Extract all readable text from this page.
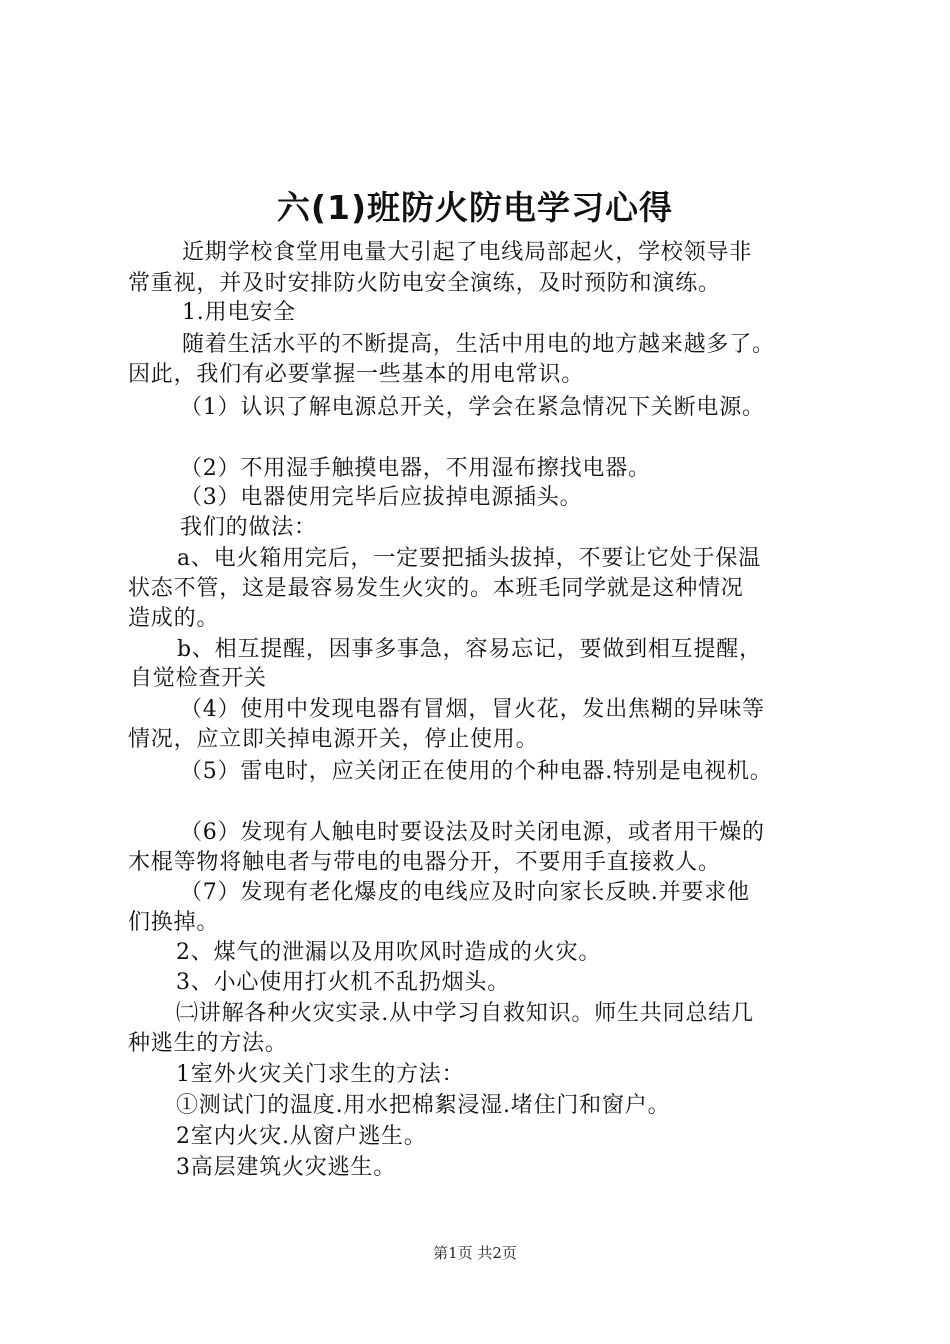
六(1)班防火防电学习心得
近期学校食堂用电量大引起了电线局部起火，学校领导非
常重视，并及时安排防火防电安全演练，及时预防和演练。
1.用电安全
随着生活水平的不断提高，生活中用电的地方越来越多了。
因此，我们有必要掌握一些基本的用电常识。
（1）认识了解电源总开关，学会在紧急情况下关断电源。
（2）不用湿手触摸电器，不用湿布擦找电器。
（3）电器使用完毕后应拔掉电源插头。
我们的做法：
a、电火箱用完后，一定要把插头拔掉，不要让它处于保温
状态不管，这是最容易发生火灾的。本班毛同学就是这种情况
造成的。
b、相互提醒，因事多事急，容易忘记，要做到相互提醒，
自觉检查开关
（4）使用中发现电器有冒烟，冒火花，发出焦糊的异味等
情况，应立即关掉电源开关，停止使用。
（5）雷电时，应关闭正在使用的个种电器.特别是电视机。
（6）发现有人触电时要设法及时关闭电源，或者用干燥的
木棍等物将触电者与带电的电器分开，不要用手直接救人。
（7）发现有老化爆皮的电线应及时向家长反映.并要求他
们换掉。
2、煤气的泄漏以及用吹风时造成的火灾。
3、小心使用打火机不乱扔烟头。
㈡讲解各种火灾实录.从中学习自救知识。师生共同总结几
种逃生的方法。
1室外火灾关门求生的方法：
①测试门的温度.用水把棉絮浸湿.堵住门和窗户。
2室内火灾.从窗户逃生。
3高层建筑火灾逃生。
第1页 共2页
